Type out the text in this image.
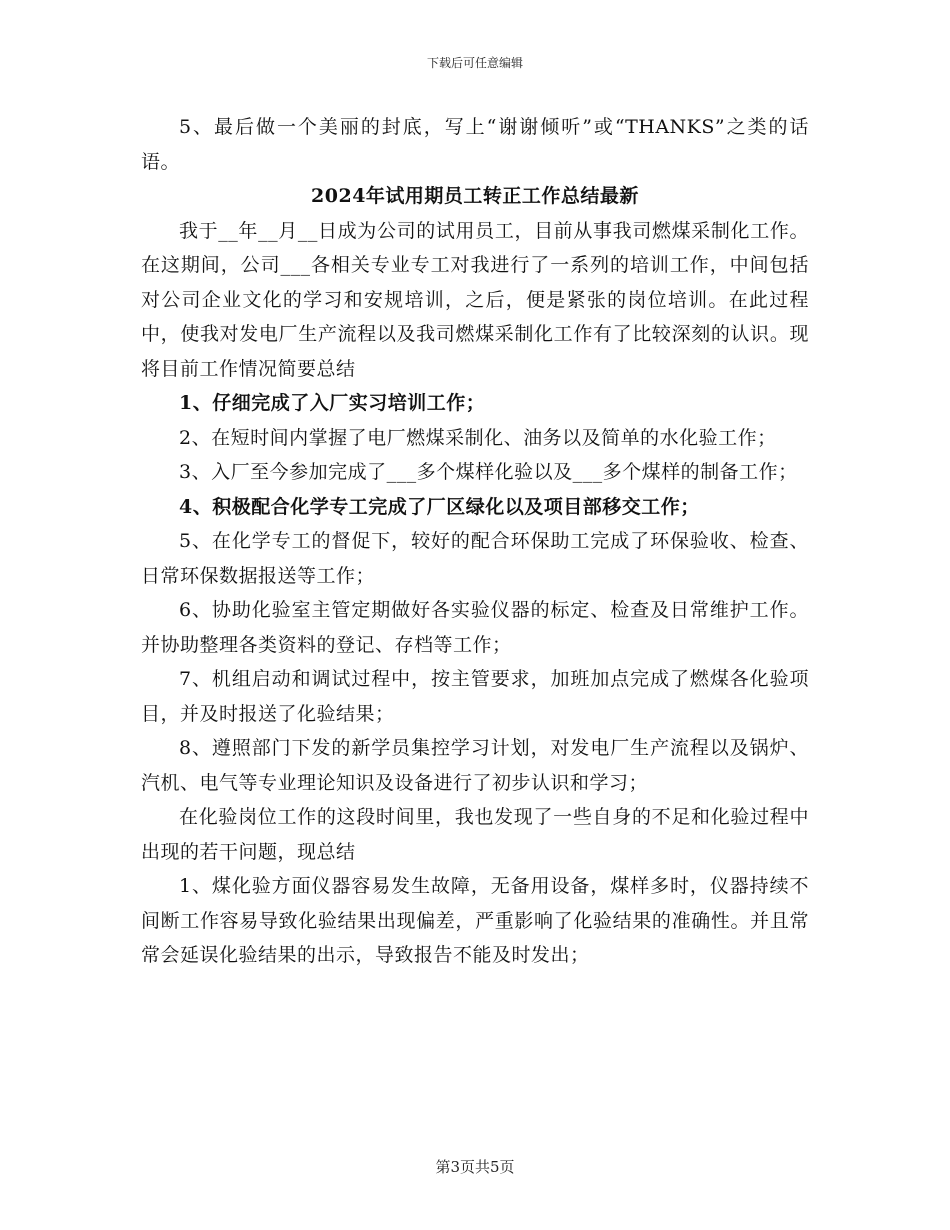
下载后可任意编辑

5、最后做一个美丽的封底，写上“谢谢倾听”或“THANKS”之类的话语。

2024年试用期员工转正工作总结最新

我于__年__月__日成为公司的试用员工，目前从事我司燃煤采制化工作。在这期间，公司___各相关专业专工对我进行了一系列的培训工作，中间包括对公司企业文化的学习和安规培训，之后，便是紧张的岗位培训。在此过程中，使我对发电厂生产流程以及我司燃煤采制化工作有了比较深刻的认识。现将目前工作情况简要总结

1、仔细完成了入厂实习培训工作；

2、在短时间内掌握了电厂燃煤采制化、油务以及简单的水化验工作；

3、入厂至今参加完成了___多个煤样化验以及___多个煤样的制备工作；

4、积极配合化学专工完成了厂区绿化以及项目部移交工作；

5、在化学专工的督促下，较好的配合环保助工完成了环保验收、检查、日常环保数据报送等工作；

6、协助化验室主管定期做好各实验仪器的标定、检查及日常维护工作。并协助整理各类资料的登记、存档等工作；

7、机组启动和调试过程中，按主管要求，加班加点完成了燃煤各化验项目，并及时报送了化验结果；

8、遵照部门下发的新学员集控学习计划，对发电厂生产流程以及锅炉、汽机、电气等专业理论知识及设备进行了初步认识和学习；

在化验岗位工作的这段时间里，我也发现了一些自身的不足和化验过程中出现的若干问题，现总结

1、煤化验方面仪器容易发生故障，无备用设备，煤样多时，仪器持续不间断工作容易导致化验结果出现偏差，严重影响了化验结果的准确性。并且常常会延误化验结果的出示，导致报告不能及时发出；

第3页共5页
